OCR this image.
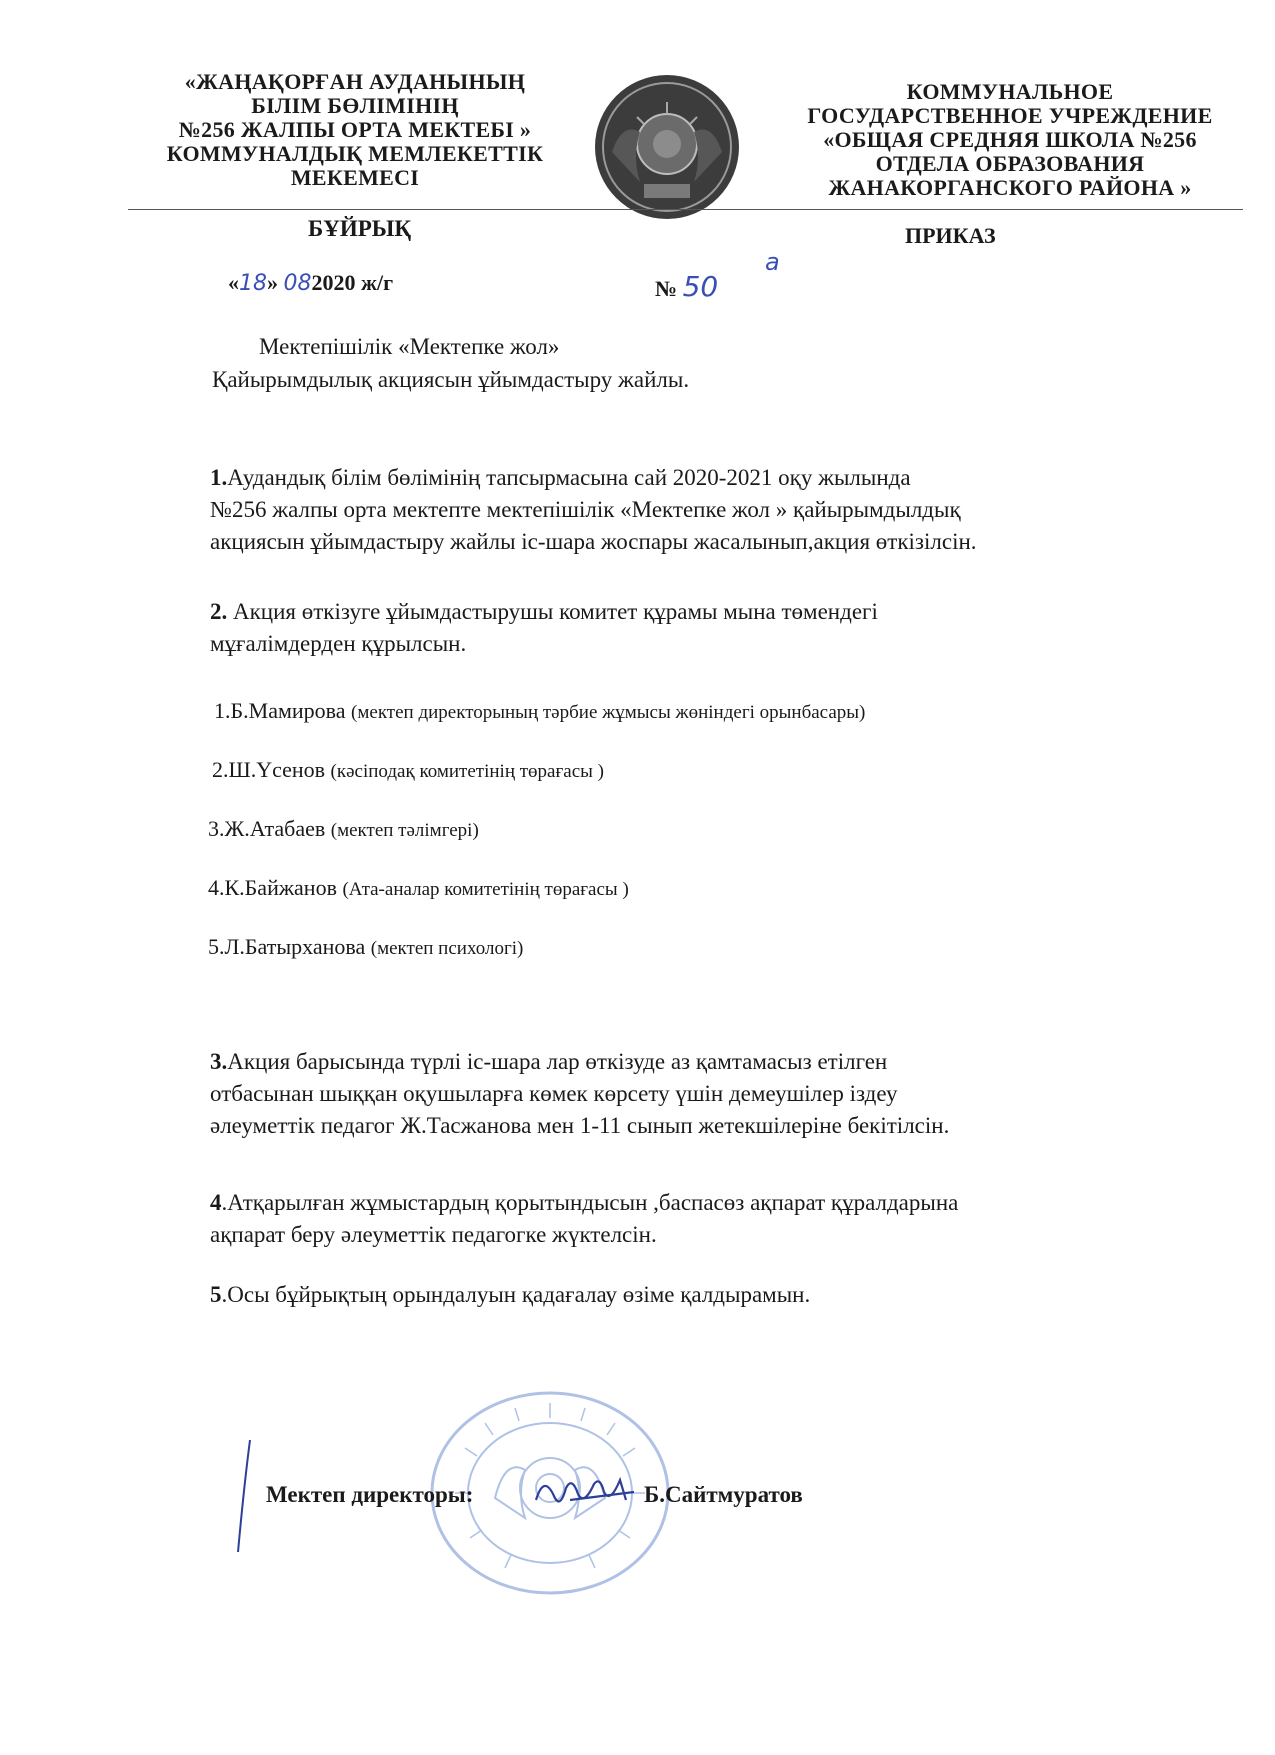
«ЖАҢАҚОРҒАН АУДАНЫНЫҢ
БІЛІМ БӨЛІМІНІҢ
№256 ЖАЛПЫ ОРТА МЕКТЕБІ »
КОММУНАЛДЫҚ МЕМЛЕКЕТТІК
МЕКЕМЕСІ
КОММУНАЛЬНОЕ
ГОСУДАРСТВЕННОЕ УЧРЕЖДЕНИЕ
«ОБЩАЯ СРЕДНЯЯ ШКОЛА №256
ОТДЕЛА ОБРАЗОВАНИЯ
ЖАНАКОРГАНСКОГО РАЙОНА »
БҰЙРЫҚ	ПРИКАЗ
«18» 082020 ж/г	№ 50
а
Мектепішілік «Мектепке жол»
Қайырымдылық акциясын ұйымдастыру жайлы.
1.Аудандық білім бөлімінің тапсырмасына сай 2020-2021 оқу жылында
№256 жалпы орта мектепте мектепішілік «Мектепке жол » қайырымдылдық
акциясын ұйымдастыру жайлы іс-шара жоспары жасалынып,акция өткізілсін.
2. Акция өткізуге ұйымдастырушы комитет құрамы мына төмендегі
мұғалімдерден құрылсын.
1.Б.Мамирова (мектеп директорының тәрбие жұмысы жөніндегі орынбасары)
2.Ш.Үсенов (кәсіподақ комитетінің төрағасы )
3.Ж.Атабаев (мектеп тәлімгері)
4.К.Байжанов (Ата-аналар комитетінің төрағасы )
5.Л.Батырханова (мектеп психологі)
3.Акция барысында түрлі іс-шара лар өткізуде аз қамтамасыз етілген
отбасынан шыққан оқушыларға көмек көрсету үшін демеушілер іздеу
әлеуметтік педагог Ж.Тасжанова мен 1-11 сынып жетекшілеріне бекітілсін.
4.Атқарылған жұмыстардың қорытындысын ,баспасөз ақпарат құралдарына
ақпарат беру әлеуметтік педагогке жүктелсін.
5.Осы бұйрықтың орындалуын қадағалау өзіме қалдырамын.
Мектеп директоры:	Б.Сайтмуратов
